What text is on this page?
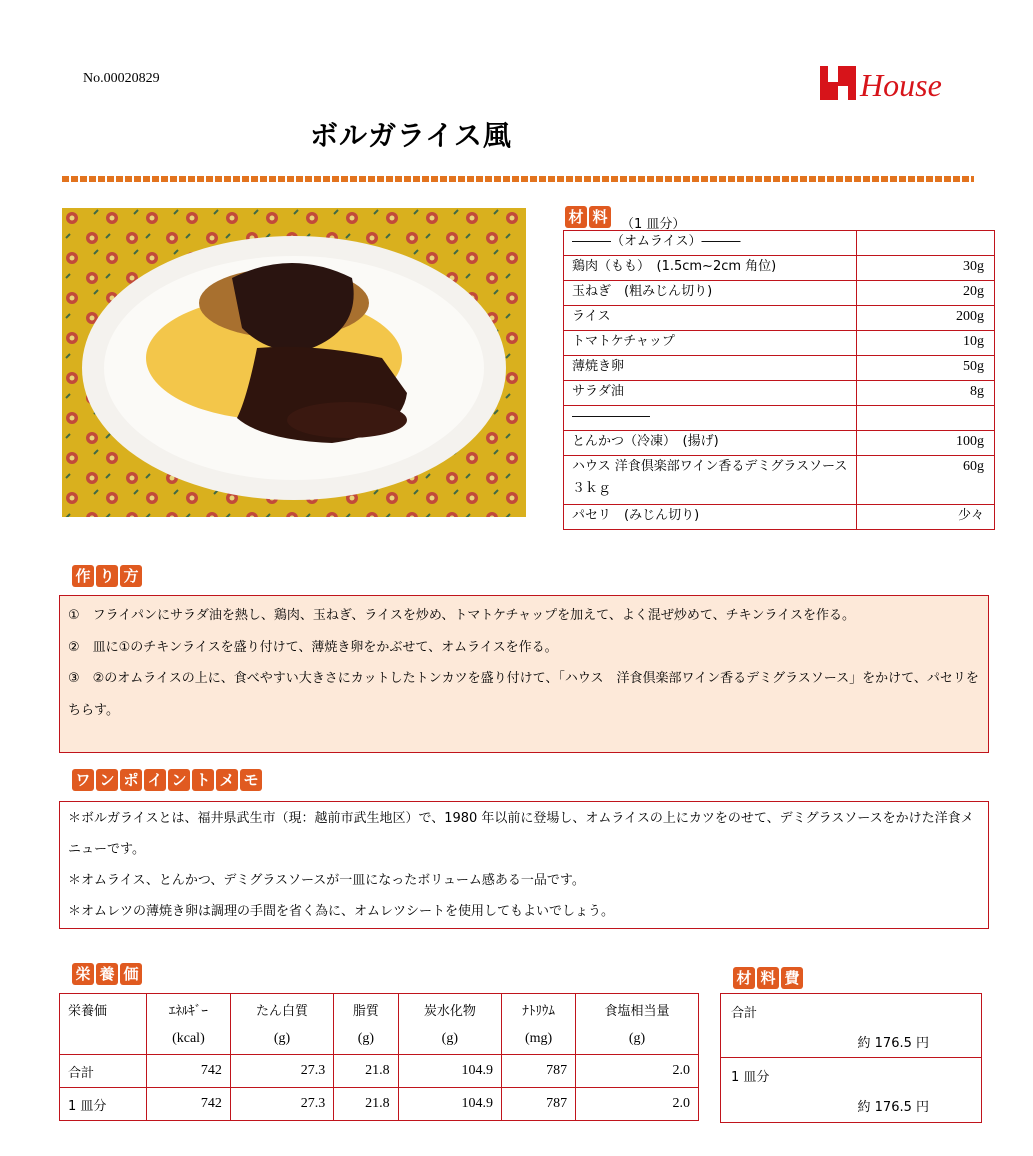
No.00020829	House
ボルガライス風
材 料 （1 皿分）
―――（オムライス）―――	
鶏肉（もも）　(1.5cm~2cm 角位)	30g
玉ねぎ　(粗みじん切り)	20g
ライス	200g
トマトケチャップ	10g
薄焼き卵	50g
サラダ油	8g
――――――	
とんかつ（冷凍）　(揚げ)	100g
ハウス 洋食倶楽部ワイン香るデミグラスソース３ｋｇ	60g
パセリ　(みじん切り)	少々
作 り 方
①　フライパンにサラダ油を熱し、鶏肉、玉ねぎ、ライスを炒め、トマトケチャップを加えて、よく混ぜ炒めて、チキンライスを作る。
②　皿に①のチキンライスを盛り付けて、薄焼き卵をかぶせて、オムライスを作る。
③　②のオムライスの上に、食べやすい大きさにカットしたトンカツを盛り付けて、「ハウス　洋食倶楽部ワイン香るデミグラスソース」をかけて、パセリをちらす。
ワ ン ポ イ ン ト メ モ
＊ボルガライスとは、福井県武生市（現：越前市武生地区）で、1980 年以前に登場し、オムライスの上にカツをのせて、デミグラスソースをかけた洋食メニューです。
＊オムライス、とんかつ、デミグラスソースが一皿になったボリューム感ある一品です。
＊オムレツの薄焼き卵は調理の手間を省く為に、オムレツシートを使用してもよいでしょう。
栄 養 価
栄養価	ｴﾈﾙｷﾞｰ	たん白質	脂質	炭水化物	ﾅﾄﾘｳﾑ	食塩相当量
	(kcal)	(g)	(g)	(g)	(mg)	(g)
合計	742	27.3	21.8	104.9	787	2.0
1 皿分	742	27.3	21.8	104.9	787	2.0
材 料 費
合計
約 176.5 円
1 皿分
約 176.5 円
